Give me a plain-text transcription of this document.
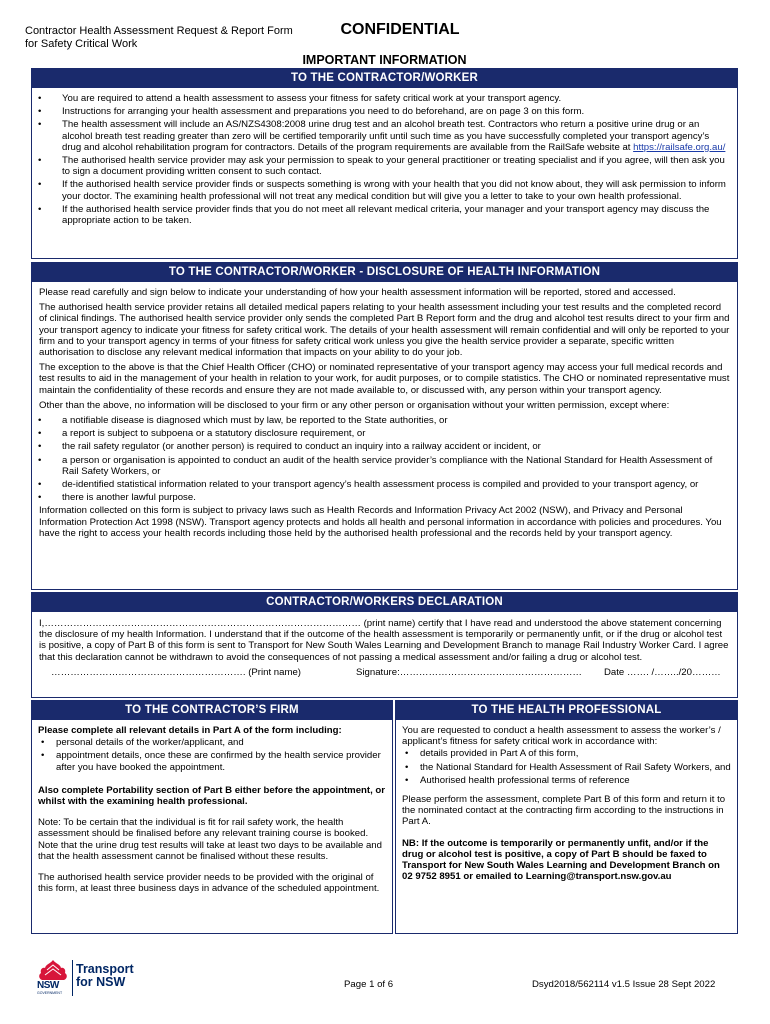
Contractor Health Assessment Request & Report Form
for Safety Critical Work
CONFIDENTIAL
IMPORTANT INFORMATION
TO THE CONTRACTOR/WORKER
• You are required to attend a health assessment to assess your fitness for safety critical work at your transport agency.
• Instructions for arranging your health assessment and preparations you need to do beforehand, are on page 3 on this form.
• The health assessment will include an AS/NZS4308:2008 urine drug test and an alcohol breath test. Contractors who return a positive urine drug or an alcohol breath test reading greater than zero will be certified temporarily unfit until such time as you have successfully completed your transport agency’s drug and alcohol rehabilitation program for contractors. Details of the program requirements are available from the RailSafe website at https://railsafe.org.au/
• The authorised health service provider may ask your permission to speak to your general practitioner or treating specialist and if you agree, will then ask you to sign a document providing written consent to such contact.
• If the authorised health service provider finds or suspects something is wrong with your health that you did not know about, they will ask permission to inform your doctor. The examining health professional will not treat any medical condition but will give you a letter to take to your own health professional.
• If the authorised health service provider finds that you do not meet all relevant medical criteria, your manager and your transport agency may discuss the appropriate action to be taken.
TO THE CONTRACTOR/WORKER - DISCLOSURE OF HEALTH INFORMATION

Please read carefully and sign below to indicate your understanding of how your health assessment information will be reported, stored and accessed.

The authorised health service provider retains all detailed medical papers relating to your health assessment including your test results and the completed record of clinical findings. The authorised health service provider only sends the completed Part B Report form and the drug and alcohol test results direct to your firm and your transport agency to indicate your fitness for safety critical work. The details of your health assessment will remain confidential and will only be reported to your firm and to your transport agency in terms of your fitness for safety critical work unless you give the health service provider a separate, specific written authorisation to disclose any relevant medical information that impacts on your ability to do your job.

The exception to the above is that the Chief Health Officer (CHO) or nominated representative of your transport agency may access your full medical records and test results to aid in the management of your health in relation to your work, for audit purposes, or to compile statistics. The CHO or nominated representative must maintain the confidentiality of these records and ensure they are not made available to, or discussed with, any person within your transport agency.

Other than the above, no information will be disclosed to your firm or any other person or organisation without your written permission, except where:

• a notifiable disease is diagnosed which must by law, be reported to the State authorities, or
• a report is subject to subpoena or a statutory disclosure requirement, or
• the rail safety regulator (or another person) is required to conduct an inquiry into a railway accident or incident, or
• a person or organisation is appointed to conduct an audit of the health service provider’s compliance with the National Standard for Health Assessment of Rail Safety Workers, or
• de-identified statistical information related to your transport agency’s health assessment process is compiled and provided to your transport agency, or
• there is another lawful purpose.

Information collected on this form is subject to privacy laws such as Health Records and Information Privacy Act 2002 (NSW), and Privacy and Personal Information Protection Act 1998 (NSW). Transport agency protects and holds all health and personal information in accordance with policies and procedures. You have the right to access your health records including those held by the authorised health professional and the records held by your transport agency.

CONTRACTOR/WORKERS DECLARATION

I,……………………………………………………………………………………… (print name) certify that I have read and understood the above statement concerning the disclosure of my health Information. I understand that if the outcome of the health assessment is temporarily or permanently unfit, or if the drug or alcohol test is positive, a copy of Part B of this form is sent to Transport for New South Wales Learning and Development Branch to manage Rail Industry Worker Card. I agree that this declaration cannot be withdrawn to avoid the consequences of not passing a medical assessment and/or failing a drug or alcohol test.

……………………………………………………. (Print name)	Signature:…………………………………………………	Date ……. /……../20………
TO THE CONTRACTOR’S FIRM

Please complete all relevant details in Part A of the form including:

• personal details of the worker/applicant, and
• appointment details, once these are confirmed by the health service provider after you have booked the appointment.

Also complete Portability section of Part B either before the appointment, or whilst with the examining health professional.

Note: To be certain that the individual is fit for rail safety work, the health assessment should be finalised before any relevant training course is booked. Note that the urine drug test results will take at least two days to be available and that the health assessment cannot be finalised without these results.

The authorised health service provider needs to be provided with the original of this form, at least three business days in advance of the scheduled appointment.

TO THE HEALTH PROFESSIONAL

You are requested to conduct a health assessment to assess the worker’s / applicant’s fitness for safety critical work in accordance with:

• details provided in Part A of this form,
• the National Standard for Health Assessment of Rail Safety Workers, and
• Authorised health professional terms of reference

Please perform the assessment, complete Part B of this form and return it to the nominated contact at the contracting firm according to the instructions in Part A.

NB: If the outcome is temporarily or permanently unfit, and/or if the drug or alcohol test is positive, a copy of Part B should be faxed to Transport for New South Wales Learning and Development Branch on 02 9752 8951 or emailed to Learning@transport.nsw.gov.au

NSW
GOVERNMENT
Transport
for NSW	Page 1 of 6	Dsyd2018/562114 v1.5 Issue 28 Sept 2022
